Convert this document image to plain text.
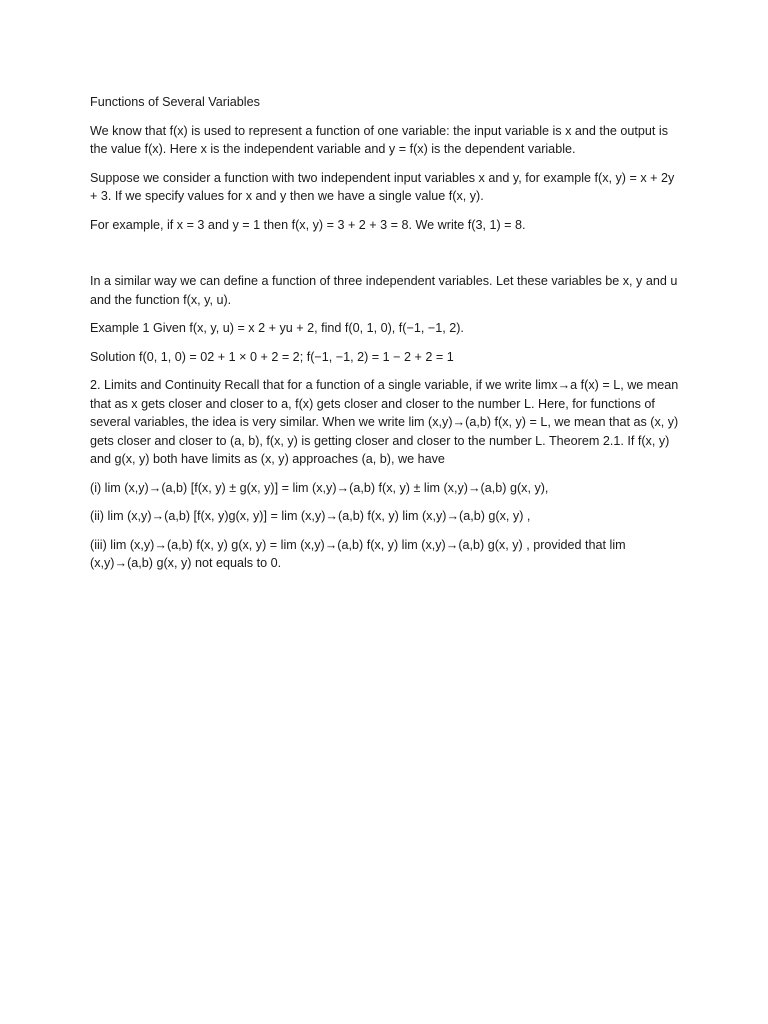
Functions of Several Variables

We know that f(x) is used to represent a function of one variable: the input variable is x and the output is the value f(x). Here x is the independent variable and y = f(x) is the dependent variable.

Suppose we consider a function with two independent input variables x and y, for example f(x, y) = x + 2y + 3. If we specify values for x and y then we have a single value f(x, y).

For example, if x = 3 and y = 1 then f(x, y) = 3 + 2 + 3 = 8. We write f(3, 1) = 8.

In a similar way we can define a function of three independent variables. Let these variables be x, y and u and the function f(x, y, u).

Example 1 Given f(x, y, u) = x 2 + yu + 2, find f(0, 1, 0), f(−1, −1, 2).

Solution f(0, 1, 0) = 02 + 1 × 0 + 2 = 2; f(−1, −1, 2) = 1 − 2 + 2 = 1

2. Limits and Continuity Recall that for a function of a single variable, if we write limx→a f(x) = L, we mean that as x gets closer and closer to a, f(x) gets closer and closer to the number L. Here, for functions of several variables, the idea is very similar. When we write lim (x,y)→(a,b) f(x, y) = L, we mean that as (x, y) gets closer and closer to (a, b), f(x, y) is getting closer and closer to the number L. Theorem 2.1. If f(x, y) and g(x, y) both have limits as (x, y) approaches (a, b), we have

(i) lim (x,y)→(a,b) [f(x, y) ± g(x, y)] = lim (x,y)→(a,b) f(x, y) ± lim (x,y)→(a,b) g(x, y),

(ii) lim (x,y)→(a,b) [f(x, y)g(x, y)] = lim (x,y)→(a,b) f(x, y) lim (x,y)→(a,b) g(x, y) ,

(iii) lim (x,y)→(a,b) f(x, y) g(x, y) = lim (x,y)→(a,b) f(x, y) lim (x,y)→(a,b) g(x, y) , provided that lim (x,y)→(a,b) g(x, y) not equals to 0.
